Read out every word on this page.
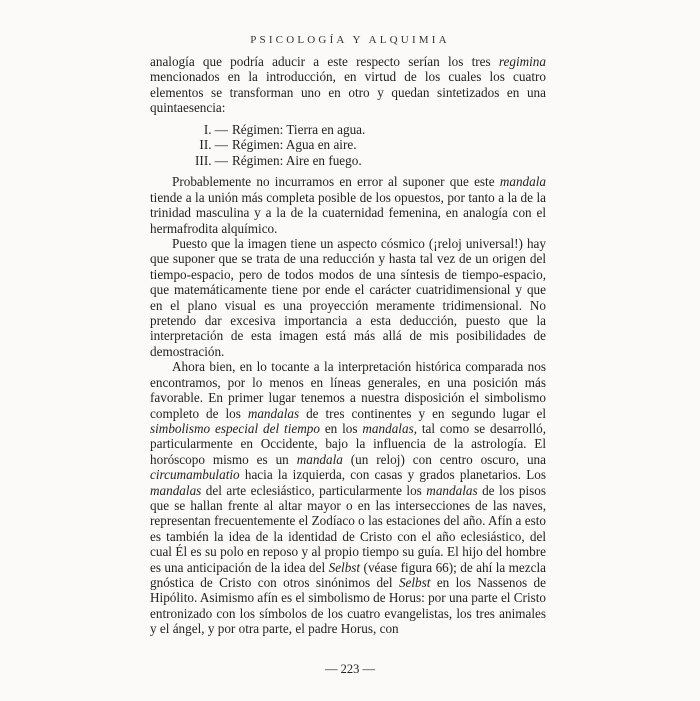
PSICOLOGÍA Y ALQUIMIA

analogía que podría aducir a este respecto serían los tres regimina mencionados en la introducción, en virtud de los cuales los cuatro elementos se transforman uno en otro y quedan sintetizados en una quintaesencia:

I. — Régimen: Tierra en agua.
II. — Régimen: Agua en aire.
III. — Régimen: Aire en fuego.

Probablemente no incurramos en error al suponer que este mandala tiende a la unión más completa posible de los opuestos, por tanto a la de la trinidad masculina y a la de la cuaternidad femenina, en analogía con el hermafrodita alquímico.

Puesto que la imagen tiene un aspecto cósmico (¡reloj universal!) hay que suponer que se trata de una reducción y hasta tal vez de un origen del tiempo-espacio, pero de todos modos de una síntesis de tiempo-espacio, que matemáticamente tiene por ende el carácter cuatridimensional y que en el plano visual es una proyección meramente tridimensional. No pretendo dar excesiva importancia a esta deducción, puesto que la interpretación de esta imagen está más allá de mis posibilidades de demostración.

Ahora bien, en lo tocante a la interpretación histórica comparada nos encontramos, por lo menos en líneas generales, en una posición más favorable. En primer lugar tenemos a nuestra disposición el simbolismo completo de los mandalas de tres continentes y en segundo lugar el simbolismo especial del tiempo en los mandalas, tal como se desarrolló, particularmente en Occidente, bajo la influencia de la astrología. El horóscopo mismo es un mandala (un reloj) con centro oscuro, una circumambulatio hacia la izquierda, con casas y grados planetarios. Los mandalas del arte eclesiástico, particularmente los mandalas de los pisos que se hallan frente al altar mayor o en las intersecciones de las naves, representan frecuentemente el Zodíaco o las estaciones del año. Afín a esto es también la idea de la identidad de Cristo con el año eclesiástico, del cual Él es su polo en reposo y al propio tiempo su guía. El hijo del hombre es una anticipación de la idea del Selbst (véase figura 66); de ahí la mezcla gnóstica de Cristo con otros sinónimos del Selbst en los Nassenos de Hipólito. Asimismo afín es el simbolismo de Horus: por una parte el Cristo entronizado con los símbolos de los cuatro evangelistas, los tres animales y el ángel, y por otra parte, el padre Horus, con

— 223 —
